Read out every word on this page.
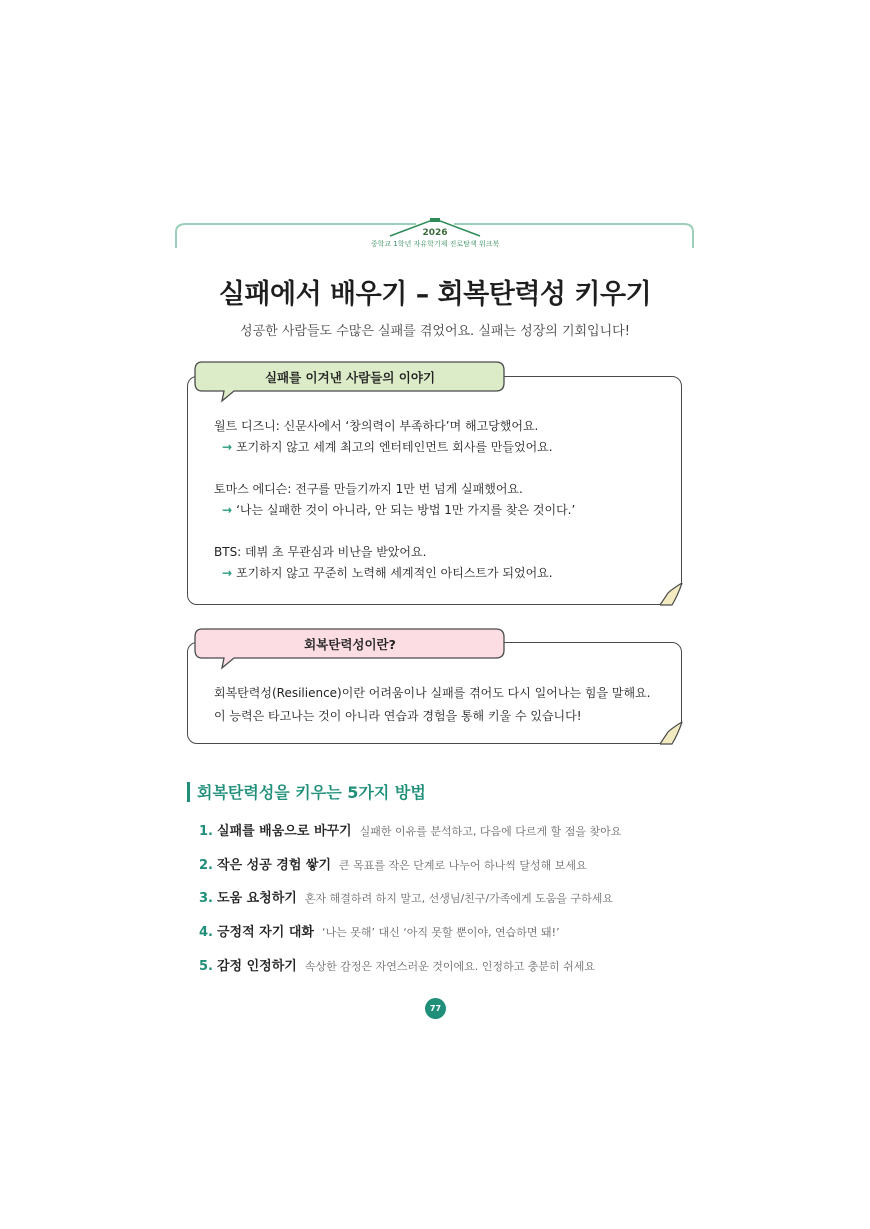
2026
중학교 1학년 자유학기제 진로탐색 워크북
실패에서 배우기 – 회복탄력성 키우기
성공한 사람들도 수많은 실패를 겪었어요. 실패는 성장의 기회입니다!
실패를 이겨낸 사람들의 이야기
월트 디즈니: 신문사에서 ‘창의력이 부족하다’며 해고당했어요.
→ 포기하지 않고 세계 최고의 엔터테인먼트 회사를 만들었어요.
토마스 에디슨: 전구를 만들기까지 1만 번 넘게 실패했어요.
→ ‘나는 실패한 것이 아니라, 안 되는 방법 1만 가지를 찾은 것이다.’
BTS: 데뷔 초 무관심과 비난을 받았어요.
→ 포기하지 않고 꾸준히 노력해 세계적인 아티스트가 되었어요.
회복탄력성이란?
회복탄력성(Resilience)이란 어려움이나 실패를 겪어도 다시 일어나는 힘을 말해요.
이 능력은 타고나는 것이 아니라 연습과 경험을 통해 키울 수 있습니다!
회복탄력성을 키우는 5가지 방법
1. 실패를 배움으로 바꾸기 실패한 이유를 분석하고, 다음에 다르게 할 점을 찾아요
2. 작은 성공 경험 쌓기 큰 목표를 작은 단계로 나누어 하나씩 달성해 보세요
3. 도움 요청하기 혼자 해결하려 하지 말고, 선생님/친구/가족에게 도움을 구하세요
4. 긍정적 자기 대화 ‘나는 못해’ 대신 ‘아직 못할 뿐이야, 연습하면 돼!’
5. 감정 인정하기 속상한 감정은 자연스러운 것이에요. 인정하고 충분히 쉬세요
77
